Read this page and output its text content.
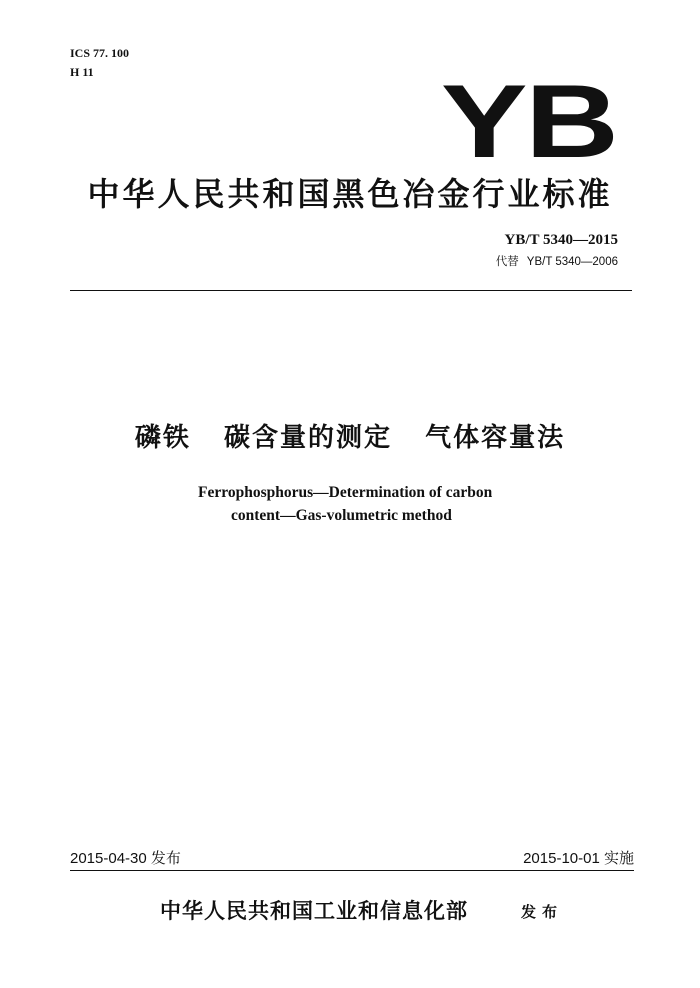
ICS 77. 100
H 11	YB
中华人民共和国黑色冶金行业标准
YB/T 5340—2015
代替 YB/T 5340—2006
磷铁   碳含量的测定   气体容量法
Ferrophosphorus—Determination of carbon
content—Gas-volumetric method
2015-04-30 发布	2015-10-01 实施
中华人民共和国工业和信息化部	发布
